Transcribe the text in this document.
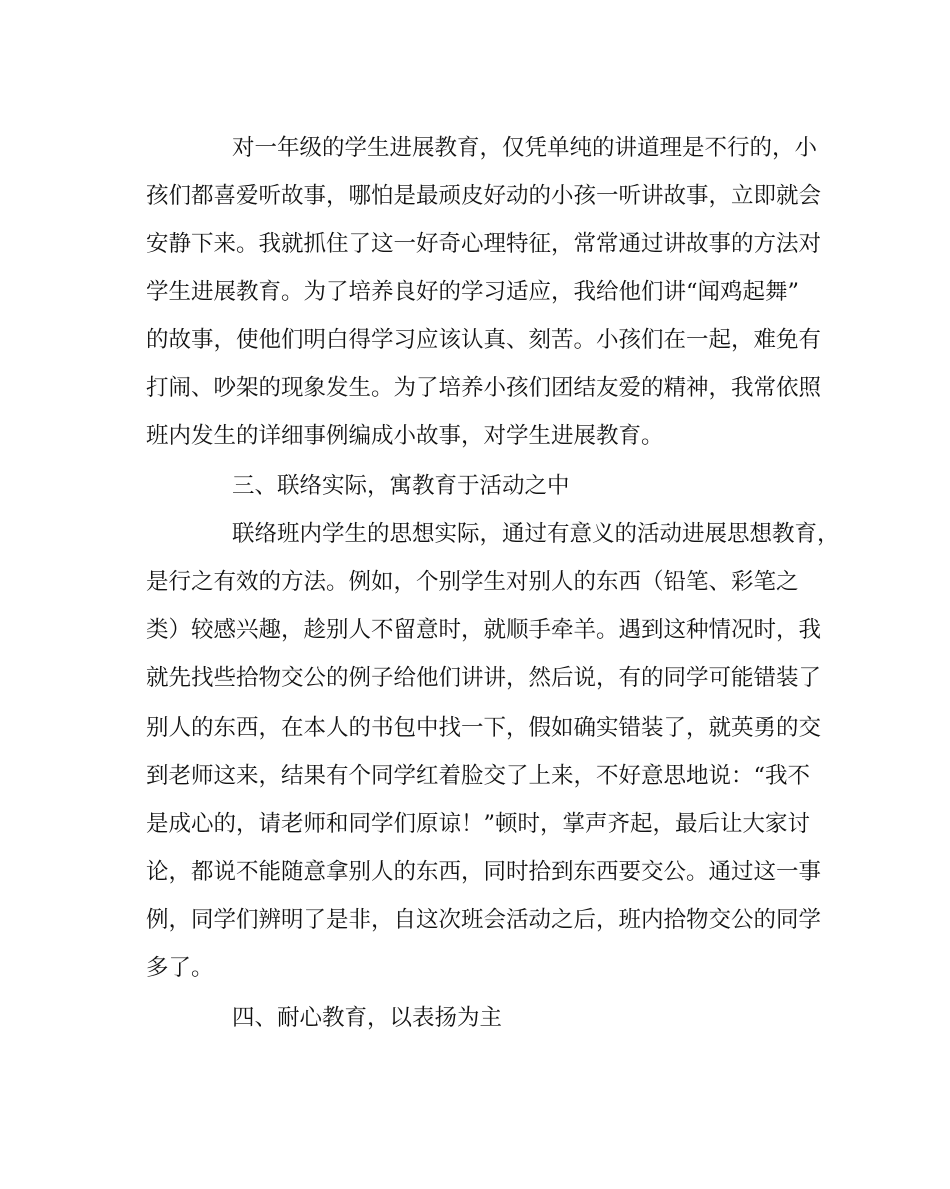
对一年级的学生进展教育，仅凭单纯的讲道理是不行的，小
孩们都喜爱听故事，哪怕是最顽皮好动的小孩一听讲故事，立即就会
安静下来。我就抓住了这一好奇心理特征，常常通过讲故事的方法对
学生进展教育。为了培养良好的学习适应，我给他们讲“闻鸡起舞”
的故事，使他们明白得学习应该认真、刻苦。小孩们在一起，难免有
打闹、吵架的现象发生。为了培养小孩们团结友爱的精神，我常依照
班内发生的详细事例编成小故事，对学生进展教育。
三、联络实际，寓教育于活动之中
联络班内学生的思想实际，通过有意义的活动进展思想教育，
是行之有效的方法。例如，个别学生对别人的东西（铅笔、彩笔之
类）较感兴趣，趁别人不留意时，就顺手牵羊。遇到这种情况时，我
就先找些拾物交公的例子给他们讲讲，然后说，有的同学可能错装了
别人的东西，在本人的书包中找一下，假如确实错装了，就英勇的交
到老师这来，结果有个同学红着脸交了上来，不好意思地说：“我不
是成心的，请老师和同学们原谅！”顿时，掌声齐起，最后让大家讨
论，都说不能随意拿别人的东西，同时拾到东西要交公。通过这一事
例，同学们辨明了是非，自这次班会活动之后，班内拾物交公的同学
多了。
四、耐心教育，以表扬为主
